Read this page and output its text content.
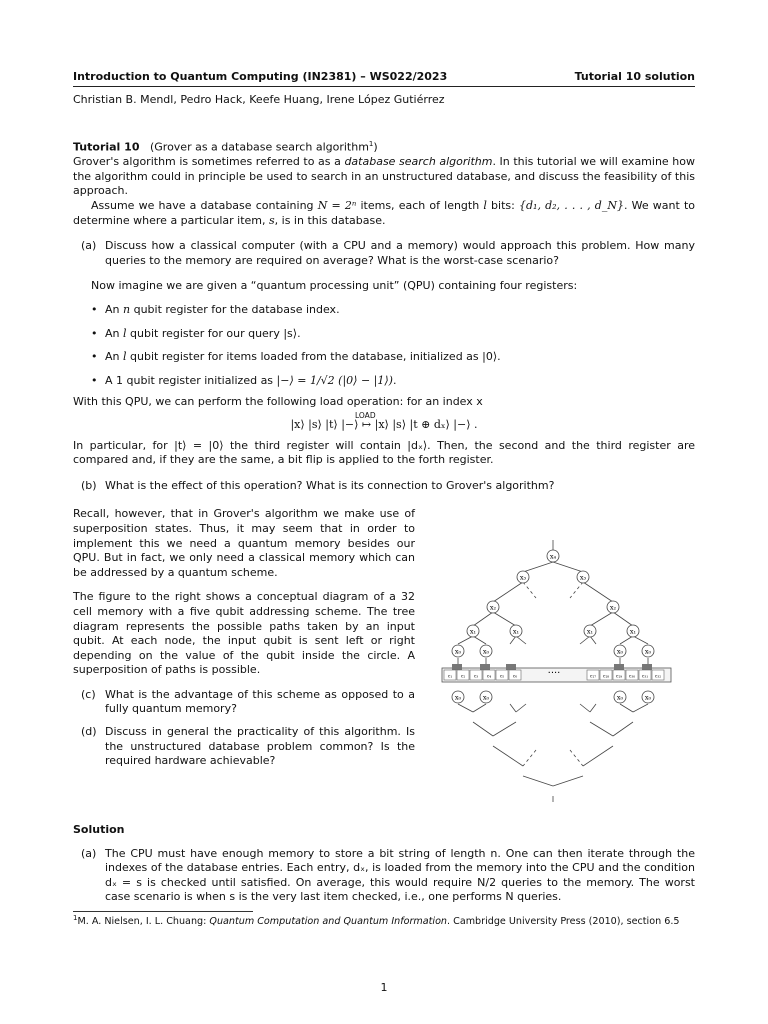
Introduction to Quantum Computing (IN2381) – WS022/2023	Tutorial 10 solution
Christian B. Mendl, Pedro Hack, Keefe Huang, Irene López Gutiérrez

Tutorial 10 (Grover as a database search algorithm$^1$)

Grover's algorithm is sometimes referred to as a database search algorithm. In this tutorial we will examine how the algorithm could in principle be used to search in an unstructured database, and discuss the feasibility of this approach.

Assume we have a database containing N = 2ⁿ items, each of length l bits: {d₁, d₂, . . . , d_N}. We want to determine where a particular item, s, is in this database.

(a) Discuss how a classical computer (with a CPU and a memory) would approach this problem. How many queries to the memory are required on average? What is the worst-case scenario?

Now imagine we are given a “quantum processing unit” (QPU) containing four registers:

• An n qubit register for the database index.
• An l qubit register for our query |s⟩.
• An l qubit register for items loaded from the database, initialized as |0⟩.
• A 1 qubit register initialized as |−⟩ = 1/√2 (|0⟩ − |1⟩).

With this QPU, we can perform the following load operation: for an index x

LOAD
|x⟩ |s⟩ |t⟩ |−⟩ ↦ |x⟩ |s⟩ |t ⊕ dₓ⟩ |−⟩ .

In particular, for |t⟩ = |0⟩ the third register will contain |dₓ⟩. Then, the second and the third register are compared and, if they are the same, a bit flip is applied to the forth register.

(b) What is the effect of this operation? What is its connection to Grover's algorithm?

Recall, however, that in Grover's algorithm we make use of superposition states. Thus, it may seem that in order to implement this we need a quantum memory besides our QPU. But in fact, we only need a classical memory which can be addressed by a quantum scheme.

The figure to the right shows a conceptual diagram of a 32 cell memory with a five qubit addressing scheme. The tree diagram represents the possible paths taken by an input qubit. At each node, the input qubit is sent left or right depending on the value of the qubit inside the circle. A superposition of paths is possible.

(c) What is the advantage of this scheme as opposed to a fully quantum memory?
(d) Discuss in general the practicality of this algorithm. Is the unstructured database problem common? Is the required hardware achievable?
c₁ c₂ c₃ c₄ c₅ c₆	c₂₇ c₂₈ c₂₉ c₃₀ c₃₁ c₃₂
....
x₄
x₃	x₃
x₂	x₂
x₁	x₁	x₁	x₁
x₀	x₀	x₀	x₀
x₀	x₀	x₀	x₀

Solution

(a) The CPU must have enough memory to store a bit string of length n. One can then iterate through the indexes of the database entries. Each entry, dₓ, is loaded from the memory into the CPU and the condition dₓ = s is checked until satisfied. On average, this would require N/2 queries to the memory. The worst case scenario is when s is the very last item checked, i.e., one performs N queries.
$^1$M. A. Nielsen, I. L. Chuang: Quantum Computation and Quantum Information. Cambridge University Press (2010), section 6.5
1
